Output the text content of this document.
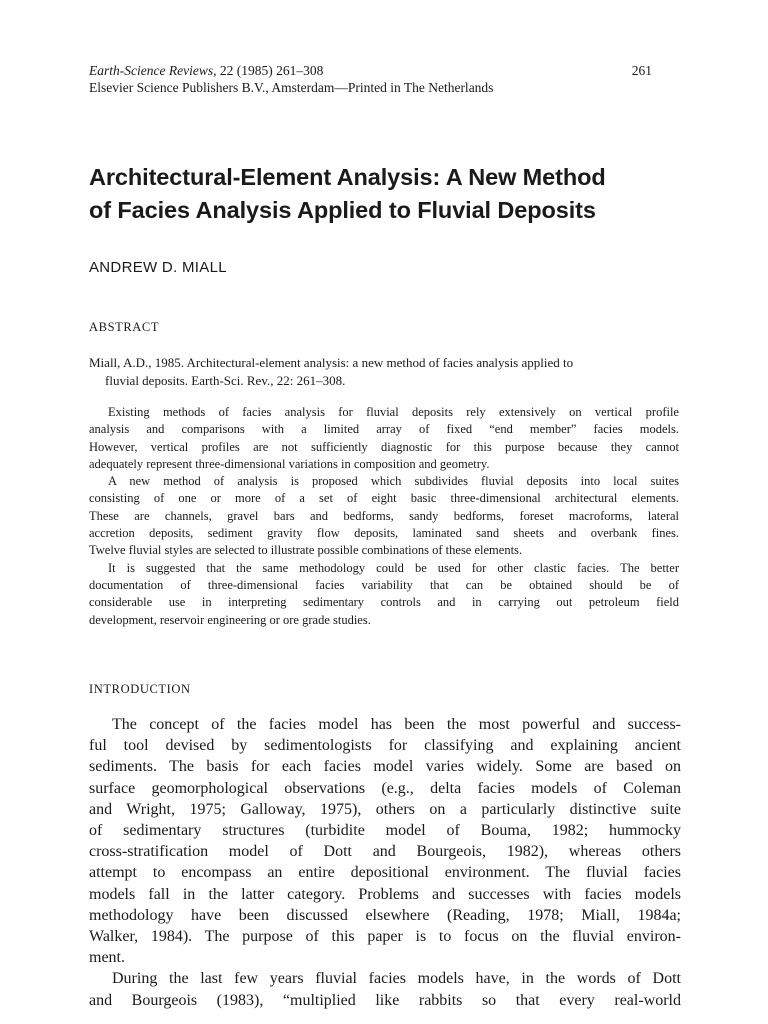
Earth-Science Reviews, 22 (1985) 261–308
Elsevier Science Publishers B.V., Amsterdam—Printed in The Netherlands
261
Architectural-Element Analysis: A New Method
of Facies Analysis Applied to Fluvial Deposits
ANDREW D. MIALL
ABSTRACT
Miall, A.D., 1985. Architectural-element analysis: a new method of facies analysis applied to
fluvial deposits. Earth-Sci. Rev., 22: 261–308.
Existing methods of facies analysis for fluvial deposits rely extensively on vertical profile
analysis and comparisons with a limited array of fixed “end member” facies models.
However, vertical profiles are not sufficiently diagnostic for this purpose because they cannot
adequately represent three-dimensional variations in composition and geometry.
A new method of analysis is proposed which subdivides fluvial deposits into local suites
consisting of one or more of a set of eight basic three-dimensional architectural elements.
These are channels, gravel bars and bedforms, sandy bedforms, foreset macroforms, lateral
accretion deposits, sediment gravity flow deposits, laminated sand sheets and overbank fines.
Twelve fluvial styles are selected to illustrate possible combinations of these elements.
It is suggested that the same methodology could be used for other clastic facies. The better
documentation of three-dimensional facies variability that can be obtained should be of
considerable use in interpreting sedimentary controls and in carrying out petroleum field
development, reservoir engineering or ore grade studies.
INTRODUCTION
The concept of the facies model has been the most powerful and success-
ful tool devised by sedimentologists for classifying and explaining ancient
sediments. The basis for each facies model varies widely. Some are based on
surface geomorphological observations (e.g., delta facies models of Coleman
and Wright, 1975; Galloway, 1975), others on a particularly distinctive suite
of sedimentary structures (turbidite model of Bouma, 1982; hummocky
cross-stratification model of Dott and Bourgeois, 1982), whereas others
attempt to encompass an entire depositional environment. The fluvial facies
models fall in the latter category. Problems and successes with facies models
methodology have been discussed elsewhere (Reading, 1978; Miall, 1984a;
Walker, 1984). The purpose of this paper is to focus on the fluvial environ-
ment.
During the last few years fluvial facies models have, in the words of Dott
and Bourgeois (1983), “multiplied like rabbits so that every real-world
